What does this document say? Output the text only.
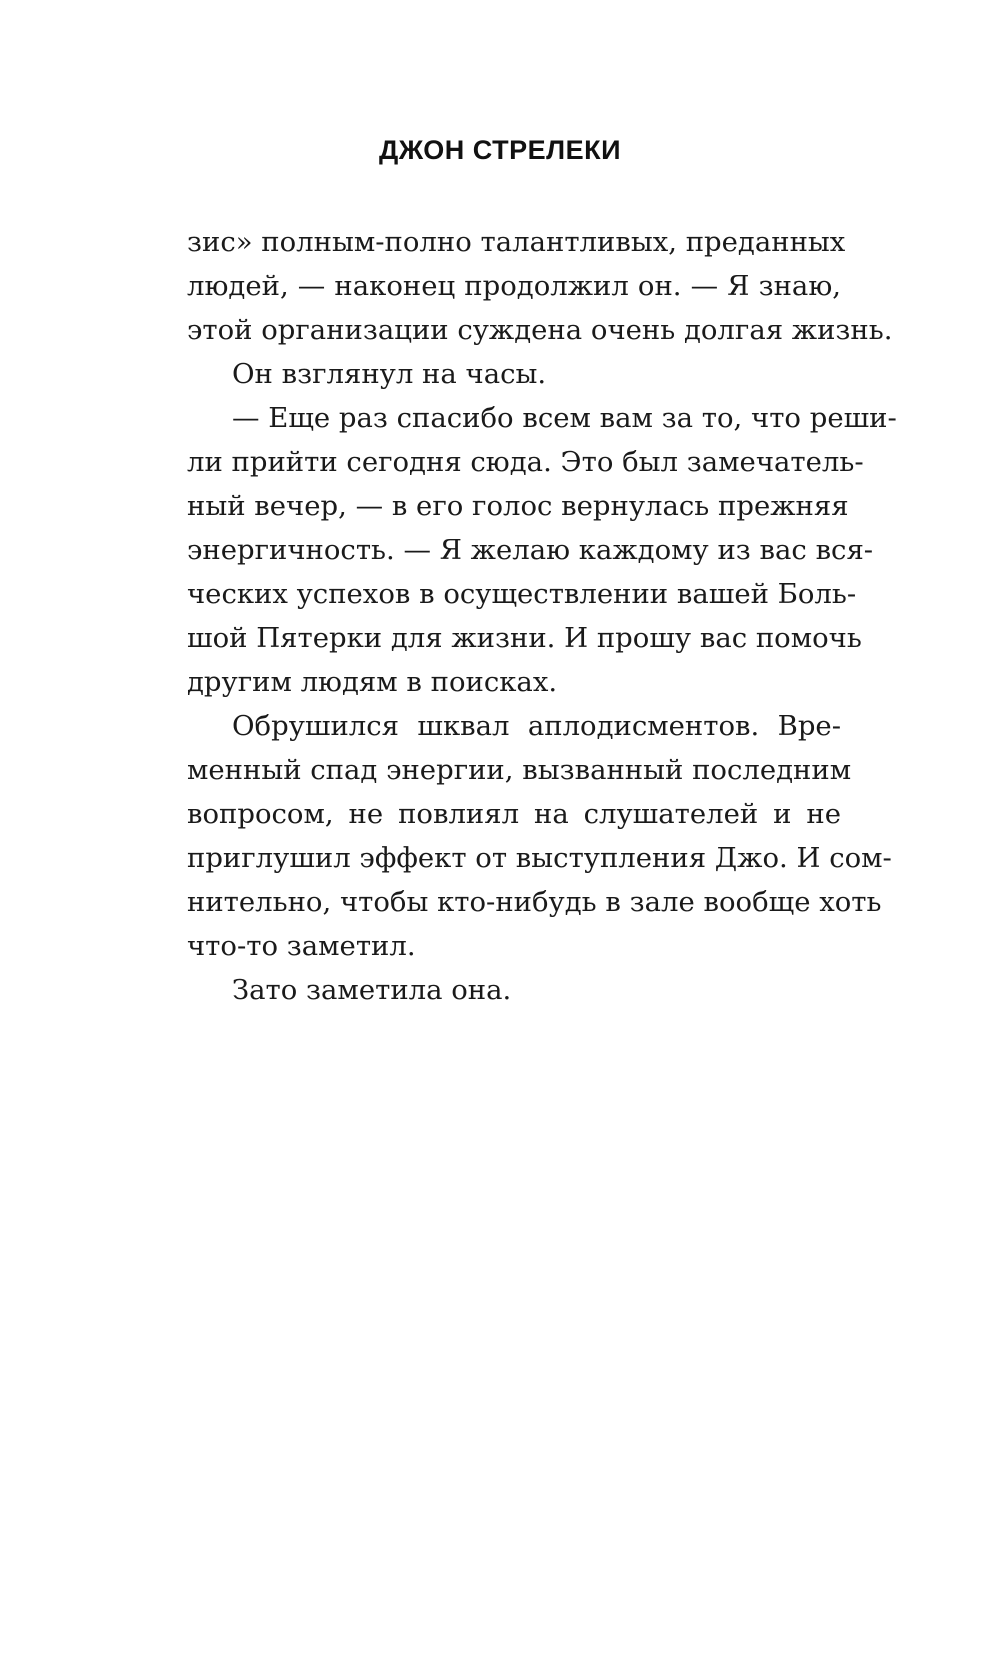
ДЖОН СТРЕЛЕКИ
зис» полным-полно талантливых, преданных
людей, — наконец продолжил он. — Я знаю,
этой организации суждена очень долгая жизнь.
Он взглянул на часы.
— Еще раз спасибо всем вам за то, что реши-
ли прийти сегодня сюда. Это был замечатель-
ный вечер, — в его голос вернулась прежняя
энергичность. — Я желаю каждому из вас вся-
ческих успехов в осуществлении вашей Боль-
шой Пятерки для жизни. И прошу вас помочь
другим людям в поисках.
Обрушился шквал аплодисментов. Вре-
менный спад энергии, вызванный последним
вопросом, не повлиял на слушателей и не
приглушил эффект от выступления Джо. И сом-
нительно, чтобы кто-нибудь в зале вообще хоть
что-то заметил.
Зато заметила она.
